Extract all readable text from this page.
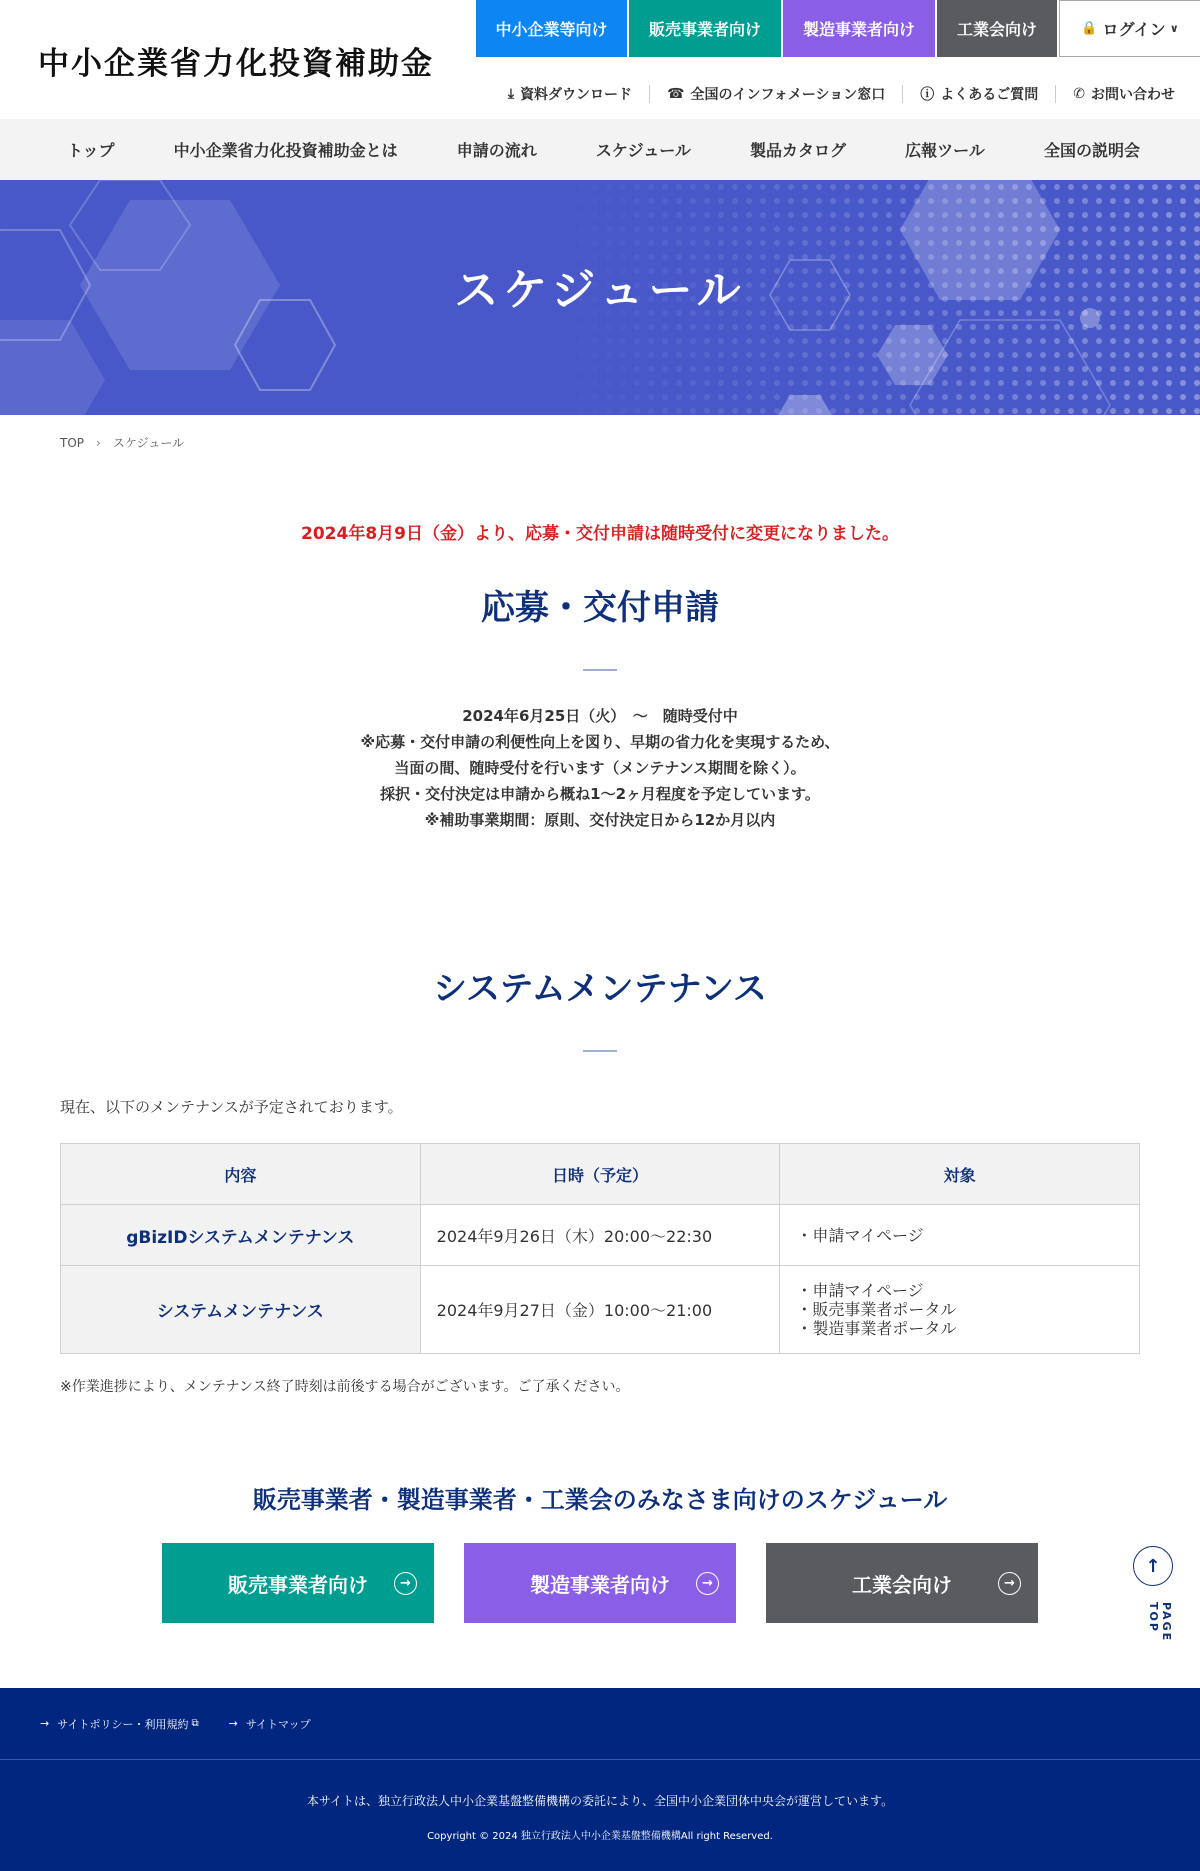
中小企業省力化投資補助金
中小企業等向け	販売事業者向け	製造事業者向け	工業会向け	🔒 ログイン ∨
⤓ 資料ダウンロード	☎ 全国のインフォメーション窓口	ⓘ よくあるご質問	✆ お問い合わせ
トップ	中小企業省力化投資補助金とは	申請の流れ	スケジュール	製品カタログ	広報ツール	全国の説明会
スケジュール
TOP › スケジュール
2024年8月9日（金）より、応募・交付申請は随時受付に変更になりました。
応募・交付申請
2024年6月25日（火）　〜　随時受付中
※応募・交付申請の利便性向上を図り、早期の省力化を実現するため、
当面の間、随時受付を行います（メンテナンス期間を除く）。
採択・交付決定は申請から概ね1〜2ヶ月程度を予定しています。
※補助事業期間：原則、交付決定日から12か月以内
システムメンテナンス

現在、以下のメンテナンスが予定されております。

内容	日時（予定）	対象
gBizIDシステムメンテナンス	2024年9月26日（木）20:00〜22:30	・申請マイページ

システムメンテナンス	2024年9月27日（金）10:00〜21:00	・申請マイページ
・販売事業者ポータル
・製造事業者ポータル

※作業進捗により、メンテナンス終了時刻は前後する場合がございます。ご了承ください。

販売事業者・製造事業者・工業会のみなさま向けのスケジュール
販売事業者向け	→	製造事業者向け	→	工業会向け	→
↑
PAGE TOP
→ サイトポリシー・利用規約 ⧉	→ サイトマップ
本サイトは、独立行政法人中小企業基盤整備機構の委託により、全国中小企業団体中央会が運営しています。
Copyright © 2024 独立行政法人中小企業基盤整備機構All right Reserved.
